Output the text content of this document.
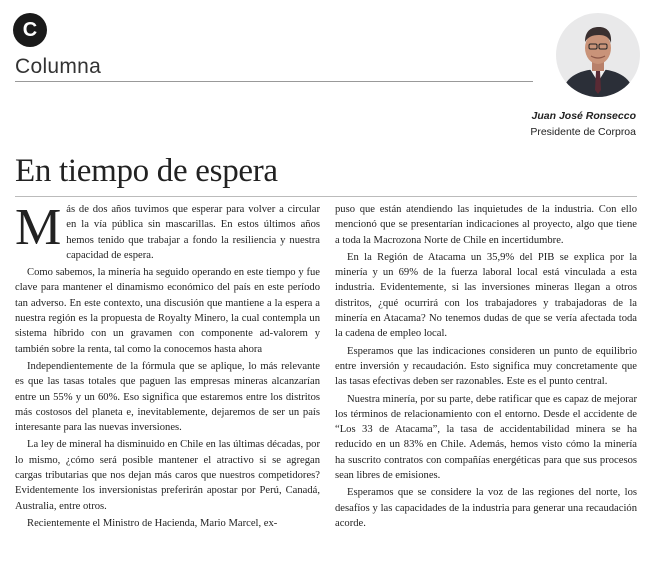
C
Columna
Juan José Ronsecco
Presidente de Corproa
En tiempo de espera

Más de dos años tuvimos que esperar para volver a circular en la vía pública sin mascarillas. En estos últimos años hemos tenido que trabajar a fondo la resiliencia y nuestra capacidad de espera.

Como sabemos, la minería ha seguido operando en este tiempo y fue clave para mantener el dinamismo económico del país en este período tan adverso. En este contexto, una discusión que mantiene a la espera a nuestra región es la propuesta de Royalty Minero, la cual contempla un sistema híbrido con un gravamen con componente ad-valorem y también sobre la renta, tal como la conocemos hasta ahora

Independientemente de la fórmula que se aplique, lo más relevante es que las tasas totales que paguen las empresas mineras alcanzarían entre un 55% y un 60%. Eso significa que estaremos entre los distritos más costosos del planeta e, inevitablemente, dejaremos de ser un país interesante para las nuevas inversiones.

La ley de mineral ha disminuido en Chile en las últimas décadas, por lo mismo, ¿cómo será posible mantener el atractivo si se agregan cargas tributarias que nos dejan más caros que nuestros competidores? Evidentemente los inversionistas preferirán apostar por Perú, Canadá, Australia, entre otros.

Recientemente el Ministro de Hacienda, Mario Marcel, ex-

puso que están atendiendo las inquietudes de la industria. Con ello mencionó que se presentarían indicaciones al proyecto, algo que tiene a toda la Macrozona Norte de Chile en incertidumbre.

En la Región de Atacama un 35,9% del PIB se explica por la minería y un 69% de la fuerza laboral local está vinculada a esta industria. Evidentemente, si las inversiones mineras llegan a otros distritos, ¿qué ocurrirá con los trabajadores y trabajadoras de la minería en Atacama? No tenemos dudas de que se vería afectada toda la cadena de empleo local.

Esperamos que las indicaciones consideren un punto de equilibrio entre inversión y recaudación. Esto significa muy concretamente que las tasas efectivas deben ser razonables. Este es el punto central.

Nuestra minería, por su parte, debe ratificar que es capaz de mejorar los términos de relacionamiento con el entorno. Desde el accidente de “Los 33 de Atacama”, la tasa de accidentabilidad minera se ha reducido en un 83% en Chile. Además, hemos visto cómo la minería ha suscrito contratos con compañías energéticas para que sus procesos sean libres de emisiones.

Esperamos que se considere la voz de las regiones del norte, los desafíos y las capacidades de la industria para generar una recaudación acorde.
